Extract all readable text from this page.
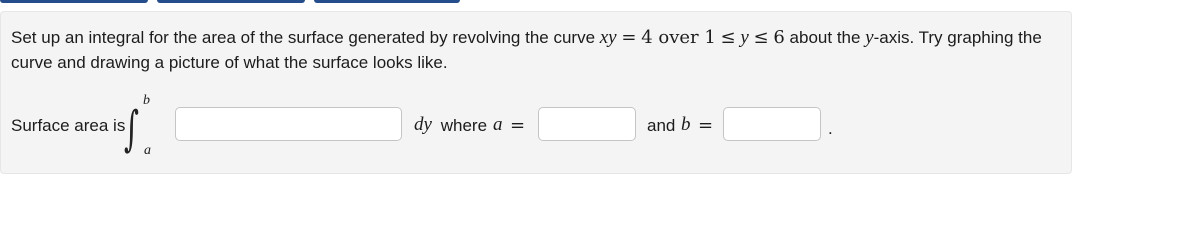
Set up an integral for the area of the surface generated by revolving the curve xy = 4 over 1 ≤ y ≤ 6 about the y-axis. Try graphing the curve and drawing a picture of what the surface looks like.

Surface area is
b
∫ a
dy where a =	and b =	.
